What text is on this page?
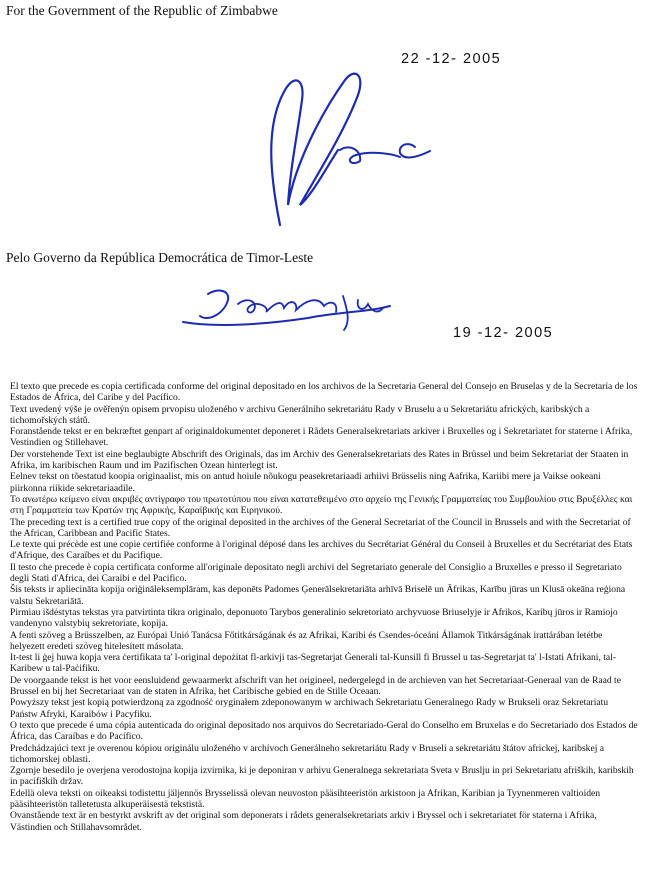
For the Government of the Republic of Zimbabwe
22 -12- 2005
Pelo Governo da República Democrática de Timor-Leste
19 -12- 2005

El texto que precede es copia certificada conforme del original depositado en los archivos de la Secretaría General del Consejo en Bruselas y de la Secretaría de los Estados de África, del Caribe y del Pacífico.

Text uvedený výše je ověřenýn opisem prvopisu uloženého v archivu Generálního sekretariátu Rady v Bruselu a u Sekretariátu afrických, karibských a tichomořských států.

Foranstående tekst er en bekræftet genpart af originaldokumentet deponeret i Rådets Generalsekretariats arkiver i Bruxelles og i Sekretariatet for staterne i Afrika, Vestindien og Stillehavet.

Der vorstehende Text ist eine beglaubigte Abschrift des Originals, das im Archiv des Generalsekretariats des Rates in Brüssel und beim Sekretariat der Staaten in Afrika, im karibischen Raum und im Pazifischen Ozean hinterlegt ist.

Eelnev tekst on tõestatud koopia originaalist, mis on antud hoiule nõukogu peasekretariaadi arhiivi Brüsselis ning Aafrika, Kariibi mere ja Vaikse ookeani piirkonna riikide sekretariaadile.

Το ανωτέρω κείμενο είναι ακριβές αντίγραφο του πρωτοτύπου που είναι κατατεθειμένο στο αρχείο της Γενικής Γραμματείας του Συμβουλίου στις Βρυξέλλες και στη Γραμματεία των Κρατών της Αφρικής, Καραϊβικής και Ειρηνικού.

The preceding text is a certified true copy of the original deposited in the archives of the General Secretariat of the Council in Brussels and with the Secretariat of the African, Caribbean and Pacific States.

Le texte qui précède est une copie certifiée conforme à l'original déposé dans les archives du Secrétariat Général du Conseil à Bruxelles et du Secrétariat des Etats d'Afrique, des Caraïbes et du Pacifique.

Il testo che precede è copia certificata conforme all'originale depositato negli archivi del Segretariato generale del Consiglio a Bruxelles e presso il Segretariato degli Stati d'Africa, dei Caraibi e del Pacifico.

Šis teksts ir apliecināta kopija oriģināleksemplāram, kas deponēts Padomes Ģenerālsekretariāta arhīvā Briselē un Āfrikas, Karību jūras un Klusā okeāna reģiona valstu Sekretariātā.

Pirmiau išdėstytas tekstas yra patvirtinta tikra originalo, deponuoto Tarybos generalinio sekretoriato archyvuose Briuselyje ir Afrikos, Karibų jūros ir Ramiojo vandenyno valstybių sekretoriate, kopija.

A fenti szöveg a Brüsszelben, az Európai Unió Tanácsa Főtitkárságának és az Afrikai, Karibi és Csendes-óceáni Államok Titkárságának irattárában letétbe helyezett eredeti szöveg hitelesített másolata.

It-test li ġej huwa kopja vera ċertifikata ta' l-original depożitat fl-arkivji tas-Segretarjat Ġenerali tal-Kunsill fi Brussel u tas-Segretarjat ta' l-Istati Afrikani, tal-Karibew u tal-Paċifiku.

De voorgaande tekst is het voor eensluidend gewaarmerkt afschrift van het origineel, nedergelegd in de archieven van het Secretariaat-Generaal van de Raad te Brussel en bij het Secretariaat van de staten in Afrika, het Caribische gebied en de Stille Oceaan.

Powyższy tekst jest kopią potwierdzoną za zgodność oryginałem zdeponowanym w archiwach Sekretariatu Generalnego Rady w Brukseli oraz Sekretariatu Państw Afryki, Karaibów i Pacyfiku.

O texto que precede é uma cópia autenticada do original depositado nos arquivos do Secretariado-Geral do Conselho em Bruxelas e do Secretariado dos Estados de África, das Caraíbas e do Pacífico.

Predchádzajúci text je overenou kópiou originálu uloženého v archívoch Generálneho sekretariátu Rady v Bruseli a sekretariátu štátov africkej, karibskej a tichomorskej oblasti.

Zgornje besedilo je overjena verodostojna kopija izvirnika, ki je deponiran v arhivu Generalnega sekretariata Sveta v Bruslju in pri Sekretariatu afriških, karibskih in pacifiških držav.

Edellä oleva teksti on oikeaksi todistettu jäljennös Brysselissä olevan neuvoston pääsihteeristön arkistoon ja Afrikan, Karibian ja Tyynenmeren valtioiden pääsihteeristön talletetusta alkuperäisestä tekstistä.

Ovanstående text är en bestyrkt avskrift av det original som deponerats i rådets generalsekretariats arkiv i Bryssel och i sekretariatet för staterna i Afrika, Västindien och Stillahavsområdet.
